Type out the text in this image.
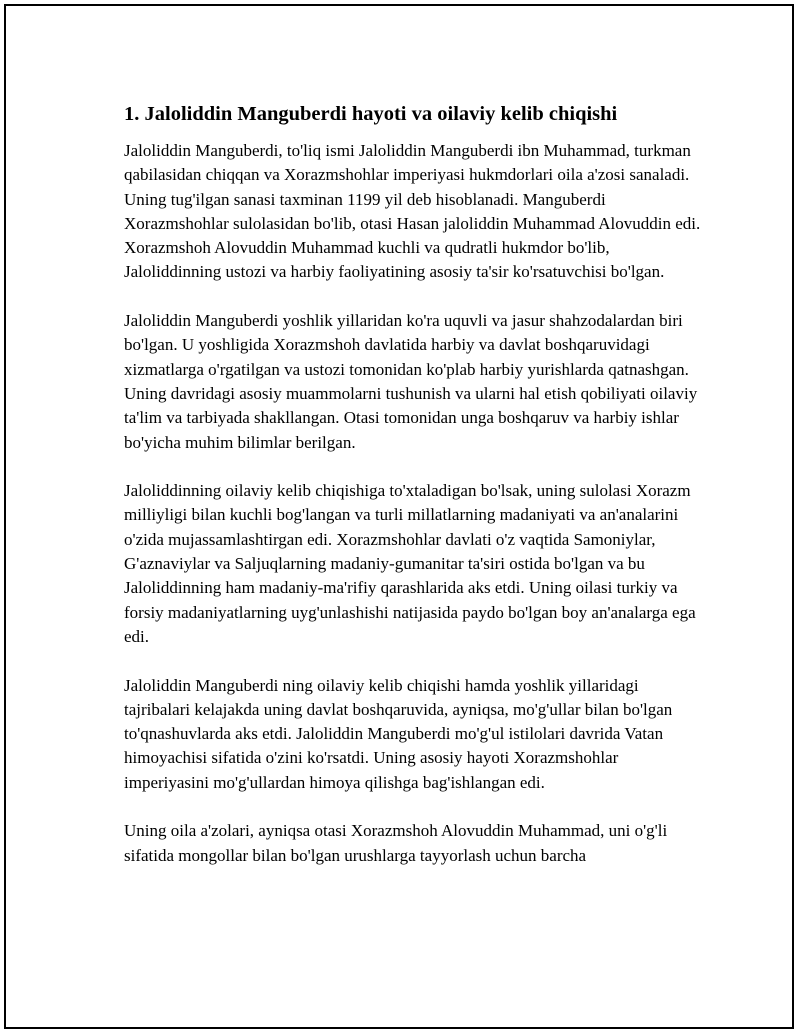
1. Jaloliddin Manguberdi hayoti va oilaviy kelib chiqishi

Jaloliddin Manguberdi, to'liq ismi Jaloliddin Manguberdi ibn Muhammad, turkman qabilasidan chiqqan va Xorazmshohlar imperiyasi hukmdorlari oila a'zosi sanaladi. Uning tug'ilgan sanasi taxminan 1199 yil deb hisoblanadi. Manguberdi Xorazmshohlar sulolasidan bo'lib, otasi Hasan jaloliddin Muhammad Alovuddin edi. Xorazmshoh Alovuddin Muhammad kuchli va qudratli hukmdor bo'lib, Jaloliddinning ustozi va harbiy faoliyatining asosiy ta'sir ko'rsatuvchisi bo'lgan.

Jaloliddin Manguberdi yoshlik yillaridan ko'ra uquvli va jasur shahzodalardan biri bo'lgan. U yoshligida Xorazmshoh davlatida harbiy va davlat boshqaruvidagi xizmatlarga o'rgatilgan va ustozi tomonidan ko'plab harbiy yurishlarda qatnashgan. Uning davridagi asosiy muammolarni tushunish va ularni hal etish qobiliyati oilaviy ta'lim va tarbiyada shakllangan. Otasi tomonidan unga boshqaruv va harbiy ishlar bo'yicha muhim bilimlar berilgan.

Jaloliddinning oilaviy kelib chiqishiga to'xtaladigan bo'lsak, uning sulolasi Xorazm milliyligi bilan kuchli bog'langan va turli millatlarning madaniyati va an'analarini o'zida mujassamlashtirgan edi. Xorazmshohlar davlati o'z vaqtida Samoniylar, G'aznaviylar va Saljuqlarning madaniy-gumanitar ta'siri ostida bo'lgan va bu Jaloliddinning ham madaniy-ma'rifiy qarashlarida aks etdi. Uning oilasi turkiy va forsiy madaniyatlarning uyg'unlashishi natijasida paydo bo'lgan boy an'analarga ega edi.

Jaloliddin Manguberdi ning oilaviy kelib chiqishi hamda yoshlik yillaridagi tajribalari kelajakda uning davlat boshqaruvida, ayniqsa, mo'g'ullar bilan bo'lgan to'qnashuvlarda aks etdi. Jaloliddin Manguberdi mo'g'ul istilolari davrida Vatan himoyachisi sifatida o'zini ko'rsatdi. Uning asosiy hayoti Xorazmshohlar imperiyasini mo'g'ullardan himoya qilishga bag'ishlangan edi.

Uning oila a'zolari, ayniqsa otasi Xorazmshoh Alovuddin Muhammad, uni o'g'li sifatida mongollar bilan bo'lgan urushlarga tayyorlash uchun barcha
